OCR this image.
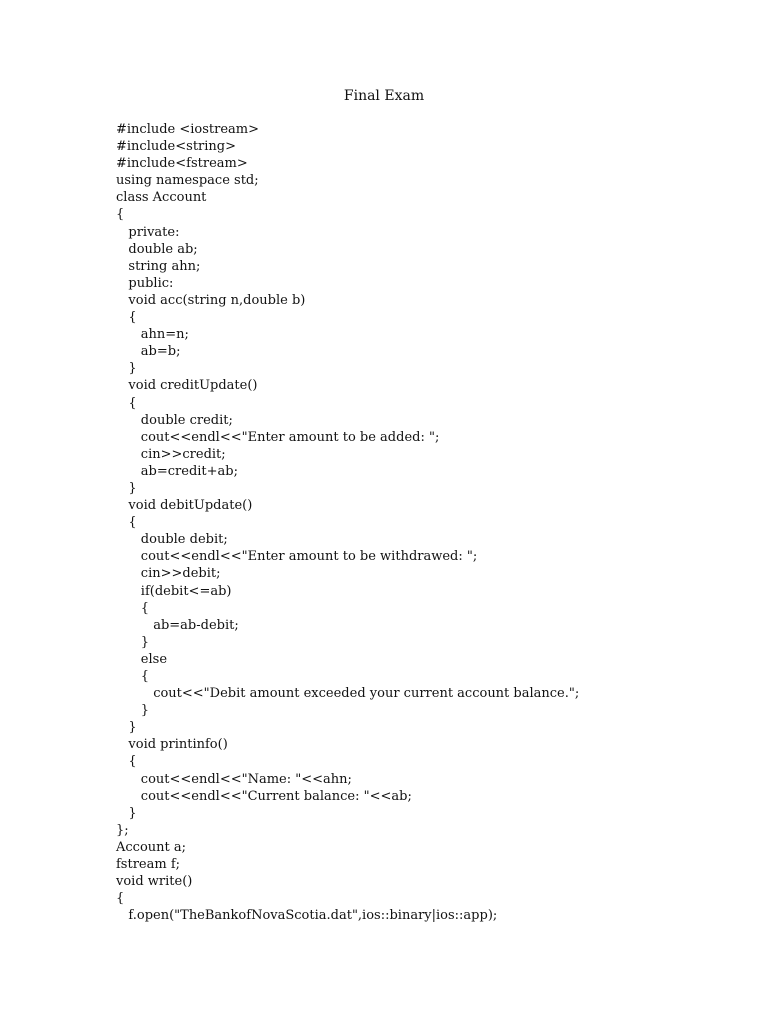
Final Exam
#include <iostream>
#include<string>
#include<fstream>
using namespace std;
class Account
{
private:
double ab;
string ahn;
public:
void acc(string n,double b)
{
ahn=n;
ab=b;
}
void creditUpdate()
{
double credit;
cout<<endl<<"Enter amount to be added: ";
cin>>credit;
ab=credit+ab;
}
void debitUpdate()
{
double debit;
cout<<endl<<"Enter amount to be withdrawed: ";
cin>>debit;
if(debit<=ab)
{
ab=ab-debit;
}
else
{
cout<<"Debit amount exceeded your current account balance.";
}
}
void printinfo()
{
cout<<endl<<"Name: "<<ahn;
cout<<endl<<"Current balance: "<<ab;
}
};
Account a;
fstream f;
void write()
{
f.open("TheBankofNovaScotia.dat",ios::binary|ios::app);
